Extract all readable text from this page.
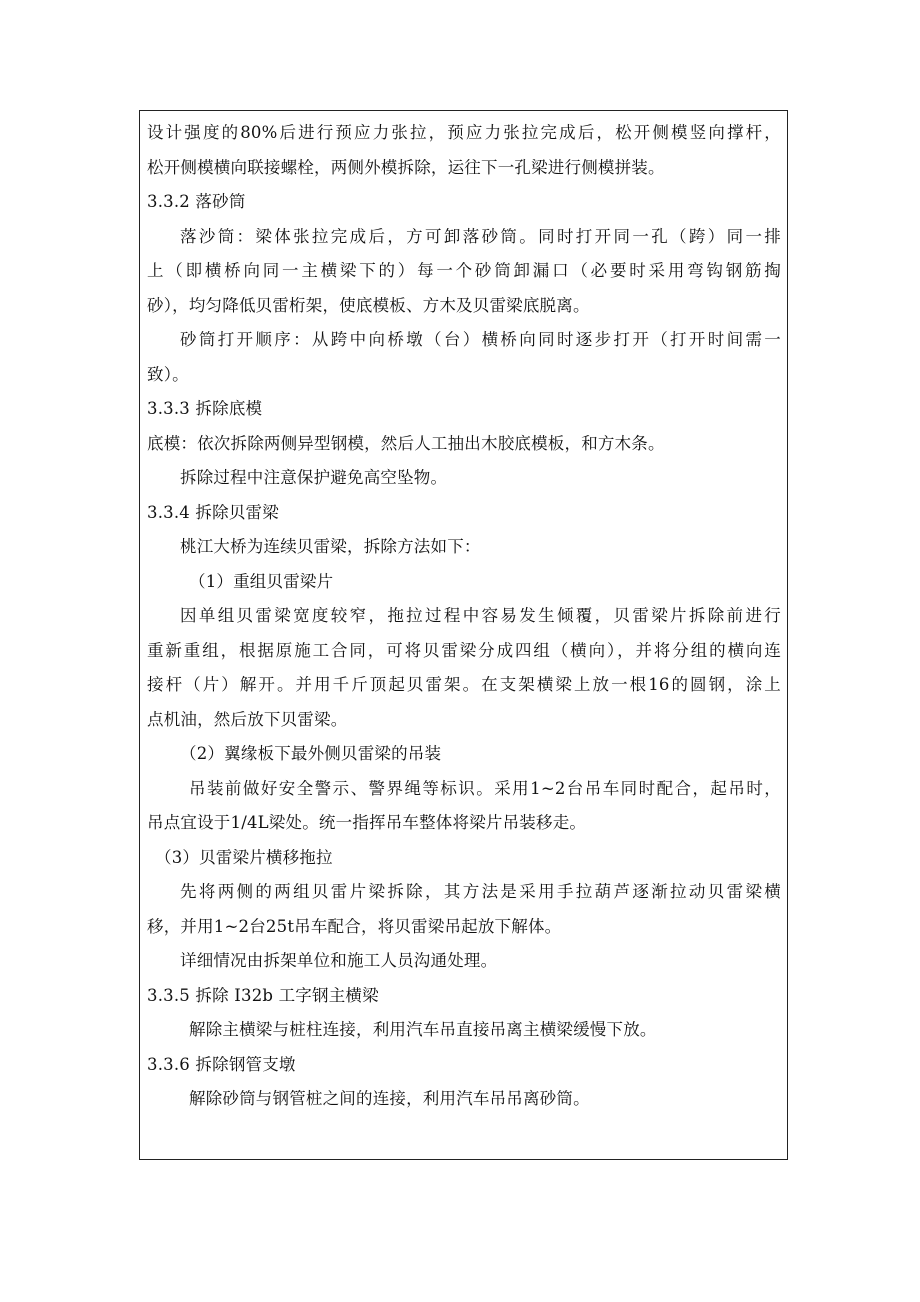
设计强度的80%后进行预应力张拉，预应力张拉完成后，松开侧模竖向撑杆，
松开侧模横向联接螺栓，两侧外模拆除，运往下一孔梁进行侧模拼装。
3.3.2 落砂筒
落沙筒：梁体张拉完成后，方可卸落砂筒。同时打开同一孔（跨）同一排
上（即横桥向同一主横梁下的）每一个砂筒卸漏口（必要时采用弯钩钢筋掏
砂），均匀降低贝雷桁架，使底模板、方木及贝雷梁底脱离。
砂筒打开顺序：从跨中向桥墩（台）横桥向同时逐步打开（打开时间需一
致）。
3.3.3 拆除底模
底模：依次拆除两侧异型钢模，然后人工抽出木胶底模板，和方木条。
拆除过程中注意保护避免高空坠物。
3.3.4 拆除贝雷梁
桃江大桥为连续贝雷梁，拆除方法如下：
（1）重组贝雷梁片
因单组贝雷梁宽度较窄，拖拉过程中容易发生倾覆，贝雷梁片拆除前进行
重新重组，根据原施工合同，可将贝雷梁分成四组（横向），并将分组的横向连
接杆（片）解开。并用千斤顶起贝雷架。在支架横梁上放一根16的圆钢，涂上
点机油，然后放下贝雷梁。
（2）翼缘板下最外侧贝雷梁的吊装
吊装前做好安全警示、警界绳等标识。采用1~2台吊车同时配合，起吊时，
吊点宜设于1/4L梁处。统一指挥吊车整体将梁片吊装移走。
（3）贝雷梁片横移拖拉
先将两侧的两组贝雷片梁拆除，其方法是采用手拉葫芦逐渐拉动贝雷梁横
移，并用1~2台25t吊车配合，将贝雷梁吊起放下解体。
详细情况由拆架单位和施工人员沟通处理。
3.3.5 拆除 I32b 工字钢主横梁
解除主横梁与桩柱连接，利用汽车吊直接吊离主横梁缓慢下放。
3.3.6 拆除钢管支墩
解除砂筒与钢管桩之间的连接，利用汽车吊吊离砂筒。
